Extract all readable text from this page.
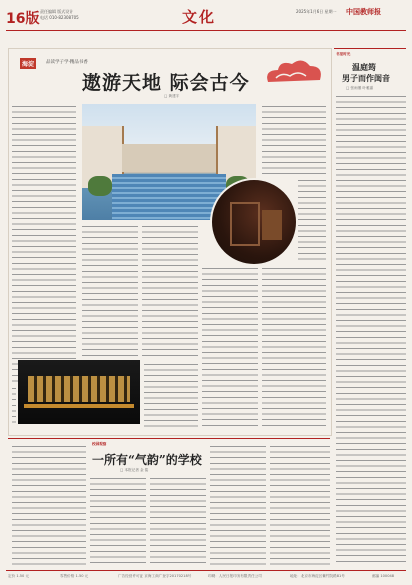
16版 责任编辑 版式设计
电话 010-82308705	文化	2025年1月6日 星期一 中国教师报
海淀	品读学子学·精品书香
遨游天地 际会古今
□ 黄建宇
书里时光
温庭筠
男子而作闺音
□ 张雨墨 叶雅嘉
校园观察
一所有“气韵”的学校
□ 本报记者 金 铭
定价 1.50 元	零售价格 1.50 元	广告经营许可证 京海工商广登字20170218号	印刷：人民日报印务有限责任公司	地址：北京市海淀区紫竹院路81号	邮编 100048
